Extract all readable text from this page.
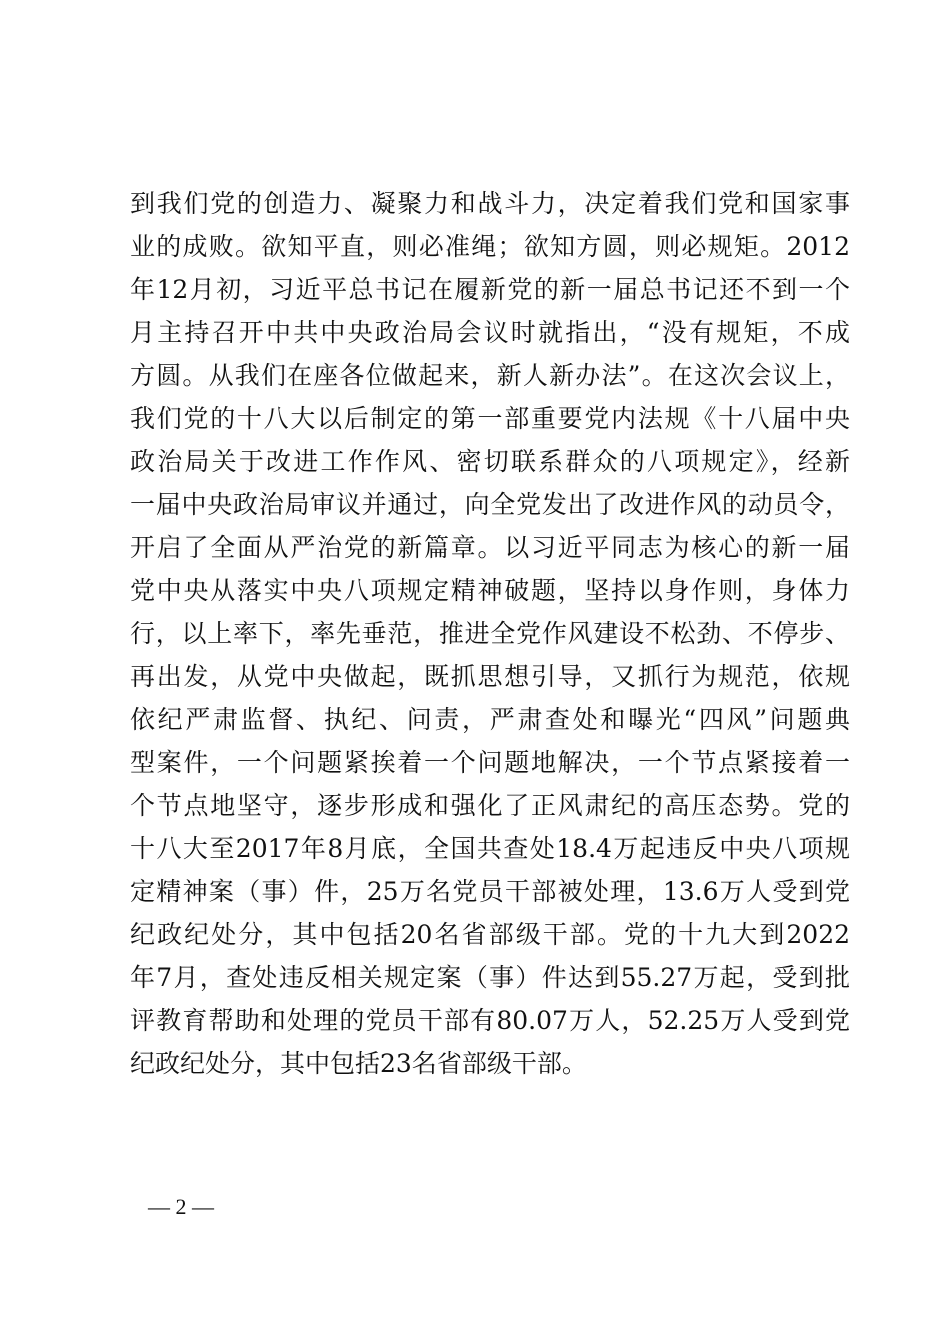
到我们党的创造力、凝聚力和战斗力，决定着我们党和国家事
业的成败。欲知平直，则必准绳；欲知方圆，则必规矩。2012
年12月初，习近平总书记在履新党的新一届总书记还不到一个
月主持召开中共中央政治局会议时就指出，“没有规矩，不成
方圆。从我们在座各位做起来，新人新办法”。在这次会议上，
我们党的十八大以后制定的第一部重要党内法规《十八届中央
政治局关于改进工作作风、密切联系群众的八项规定》，经新
一届中央政治局审议并通过，向全党发出了改进作风的动员令，
开启了全面从严治党的新篇章。以习近平同志为核心的新一届
党中央从落实中央八项规定精神破题，坚持以身作则，身体力
行，以上率下，率先垂范，推进全党作风建设不松劲、不停步、
再出发，从党中央做起，既抓思想引导，又抓行为规范，依规
依纪严肃监督、执纪、问责，严肃查处和曝光“四风”问题典
型案件，一个问题紧挨着一个问题地解决，一个节点紧接着一
个节点地坚守，逐步形成和强化了正风肃纪的高压态势。党的
十八大至2017年8月底，全国共查处18.4万起违反中央八项规
定精神案（事）件，25万名党员干部被处理，13.6万人受到党
纪政纪处分，其中包括20名省部级干部。党的十九大到2022
年7月，查处违反相关规定案（事）件达到55.27万起，受到批
评教育帮助和处理的党员干部有80.07万人，52.25万人受到党
纪政纪处分，其中包括23名省部级干部。
— 2 —
